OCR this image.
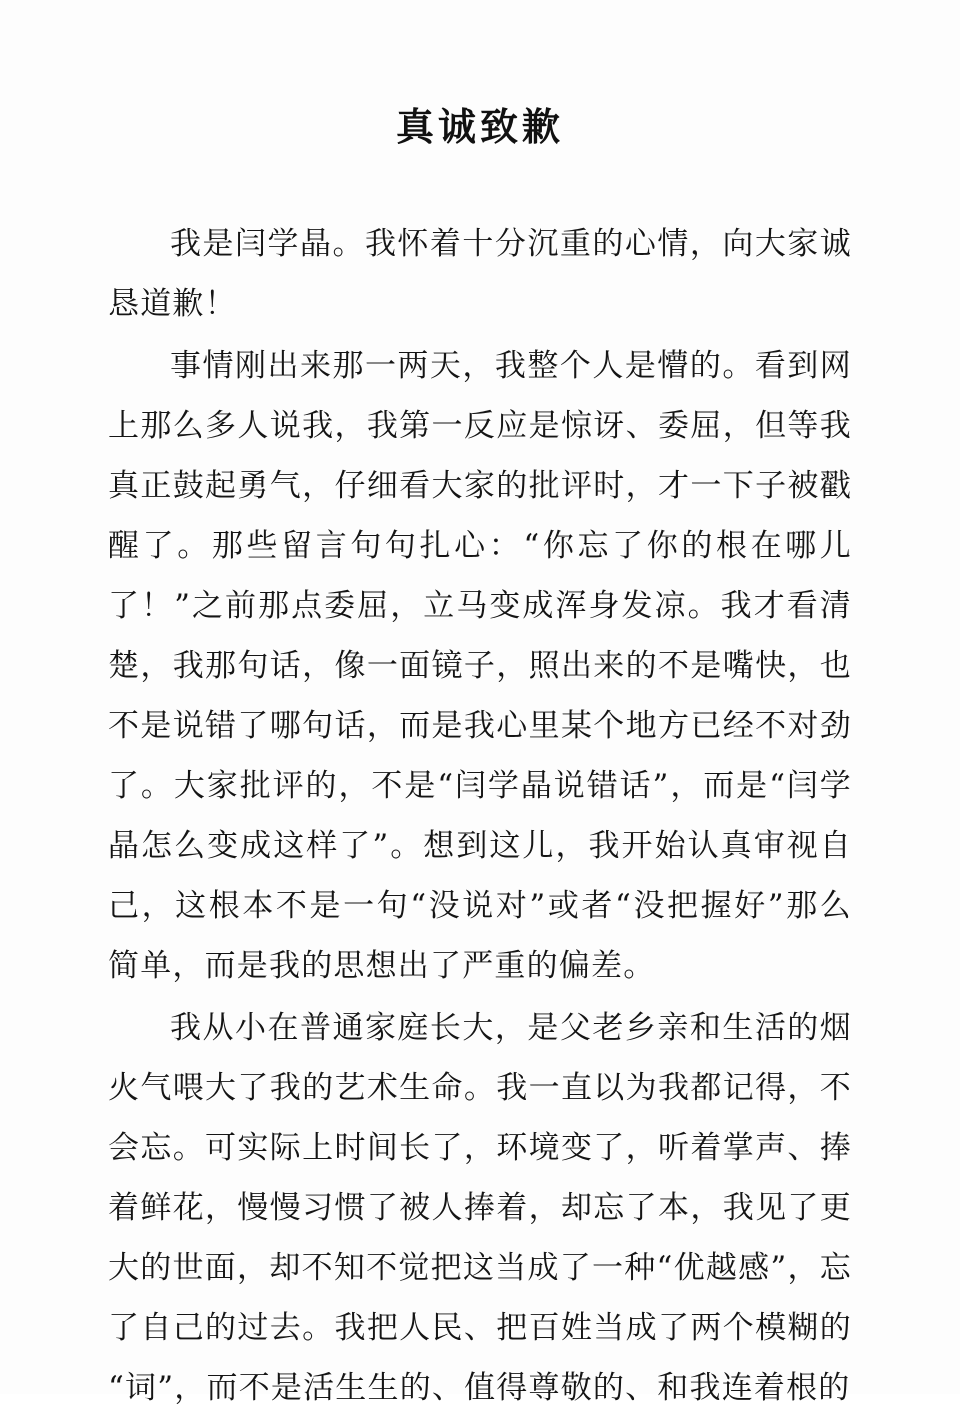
真诚致歉

我是闫学晶。我怀着十分沉重的心情，向大家诚恳道歉！

事情刚出来那一两天，我整个人是懵的。看到网上那么多人说我，我第一反应是惊讶、委屈，但等我真正鼓起勇气，仔细看大家的批评时，才一下子被戳醒了。那些留言句句扎心：“你忘了你的根在哪儿了！”之前那点委屈，立马变成浑身发凉。我才看清楚，我那句话，像一面镜子，照出来的不是嘴快，也不是说错了哪句话，而是我心里某个地方已经不对劲了。大家批评的，不是“闫学晶说错话”，而是“闫学晶怎么变成这样了”。想到这儿，我开始认真审视自己，这根本不是一句“没说对”或者“没把握好”那么简单，而是我的思想出了严重的偏差。

我从小在普通家庭长大，是父老乡亲和生活的烟火气喂大了我的艺术生命。我一直以为我都记得，不会忘。可实际上时间长了，环境变了，听着掌声、捧着鲜花，慢慢习惯了被人捧着，却忘了本，我见了更大的世面，却不知不觉把这当成了一种“优越感”，忘了自己的过去。我把人民、把百姓当成了两个模糊的“词”，而不是活生生的、值得尊敬的、和我连着根的
